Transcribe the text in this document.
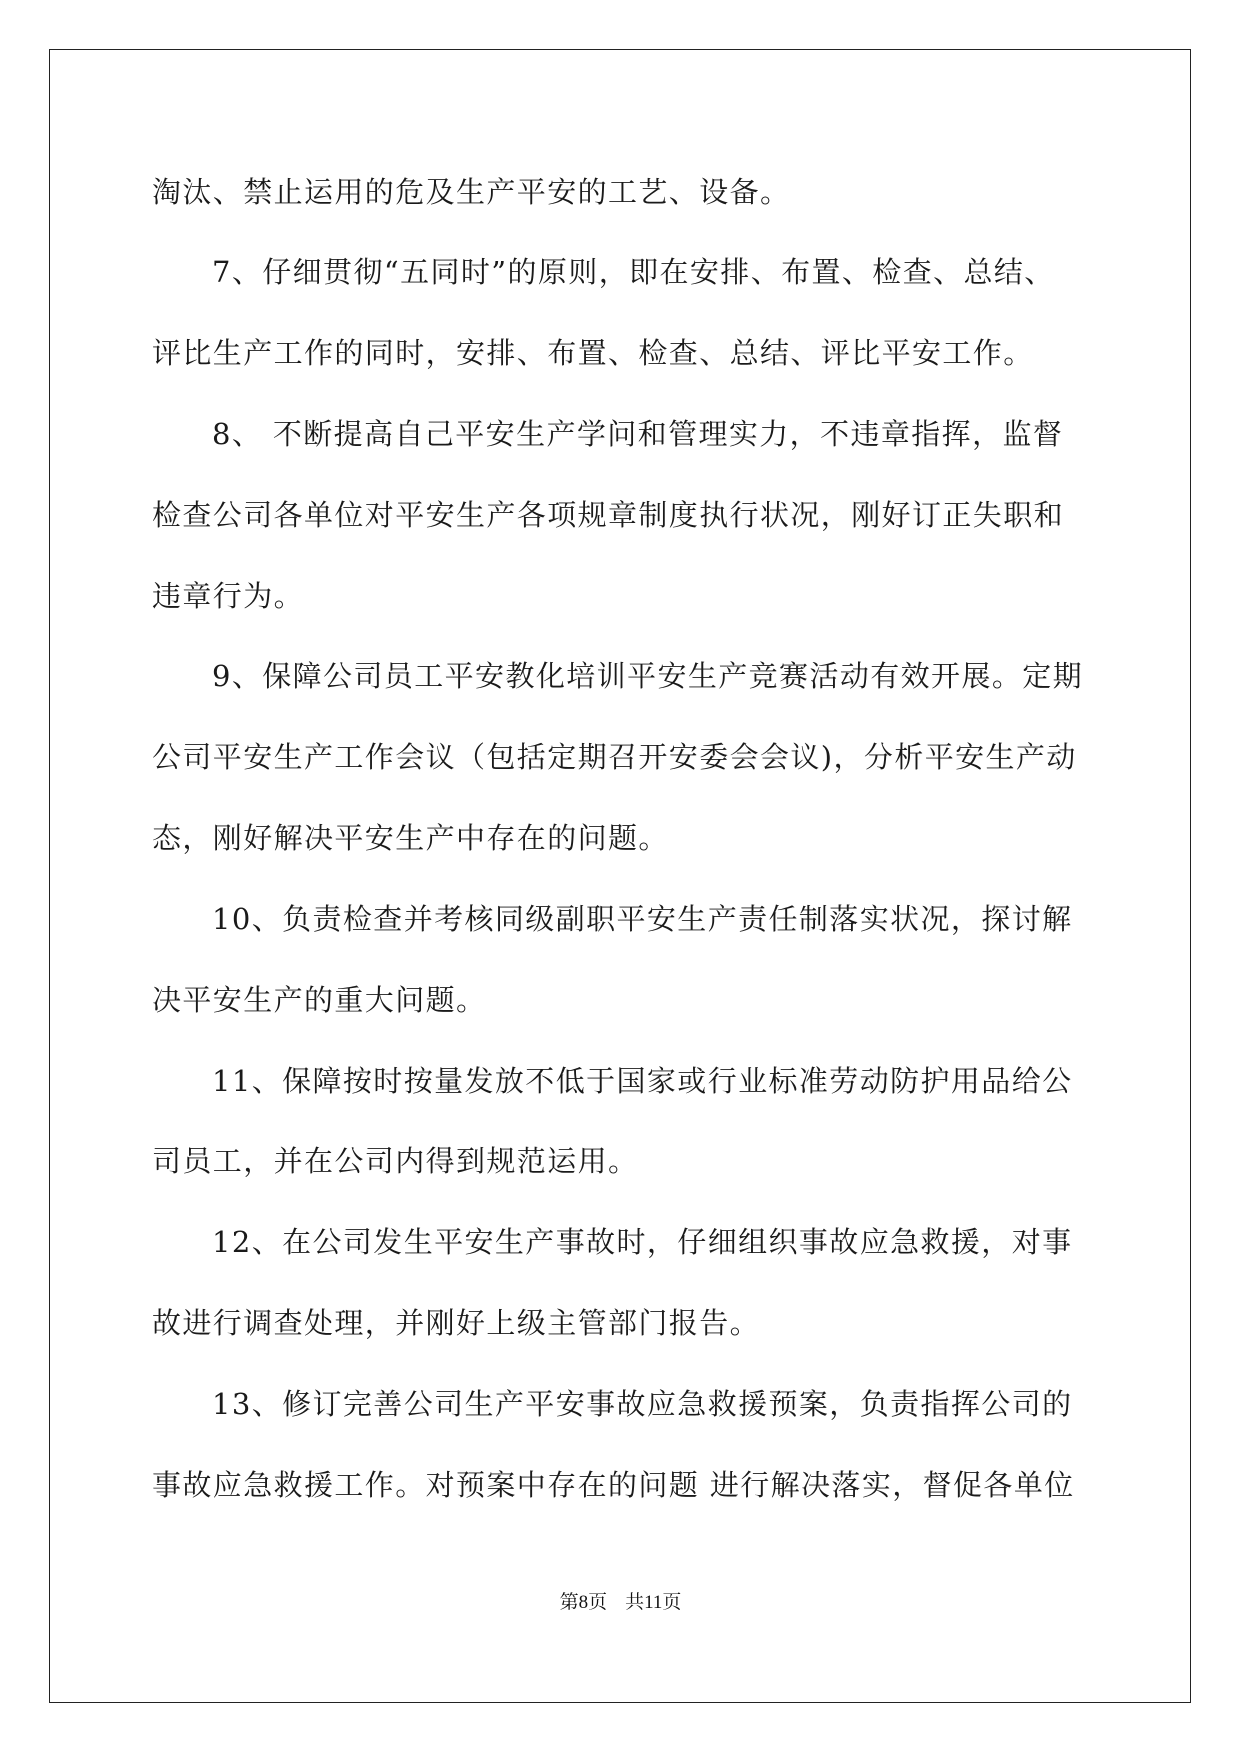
淘汰、禁止运用的危及生产平安的工艺、设备。
7、仔细贯彻“五同时”的原则，即在安排、布置、检查、总结、
评比生产工作的同时，安排、布置、检查、总结、评比平安工作。
8、 不断提高自己平安生产学问和管理实力，不违章指挥，监督
检查公司各单位对平安生产各项规章制度执行状况，刚好订正失职和
违章行为。
9、保障公司员工平安教化培训平安生产竞赛活动有效开展。定期
公司平安生产工作会议（包括定期召开安委会会议)，分析平安生产动
态，刚好解决平安生产中存在的问题。
10、负责检查并考核同级副职平安生产责任制落实状况，探讨解
决平安生产的重大问题。
11、保障按时按量发放不低于国家或行业标准劳动防护用品给公
司员工，并在公司内得到规范运用。
12、在公司发生平安生产事故时，仔细组织事故应急救援，对事
故进行调查处理，并刚好上级主管部门报告。
13、修订完善公司生产平安事故应急救援预案，负责指挥公司的
事故应急救援工作。对预案中存在的问题 进行解决落实，督促各单位
第8页 共11页
